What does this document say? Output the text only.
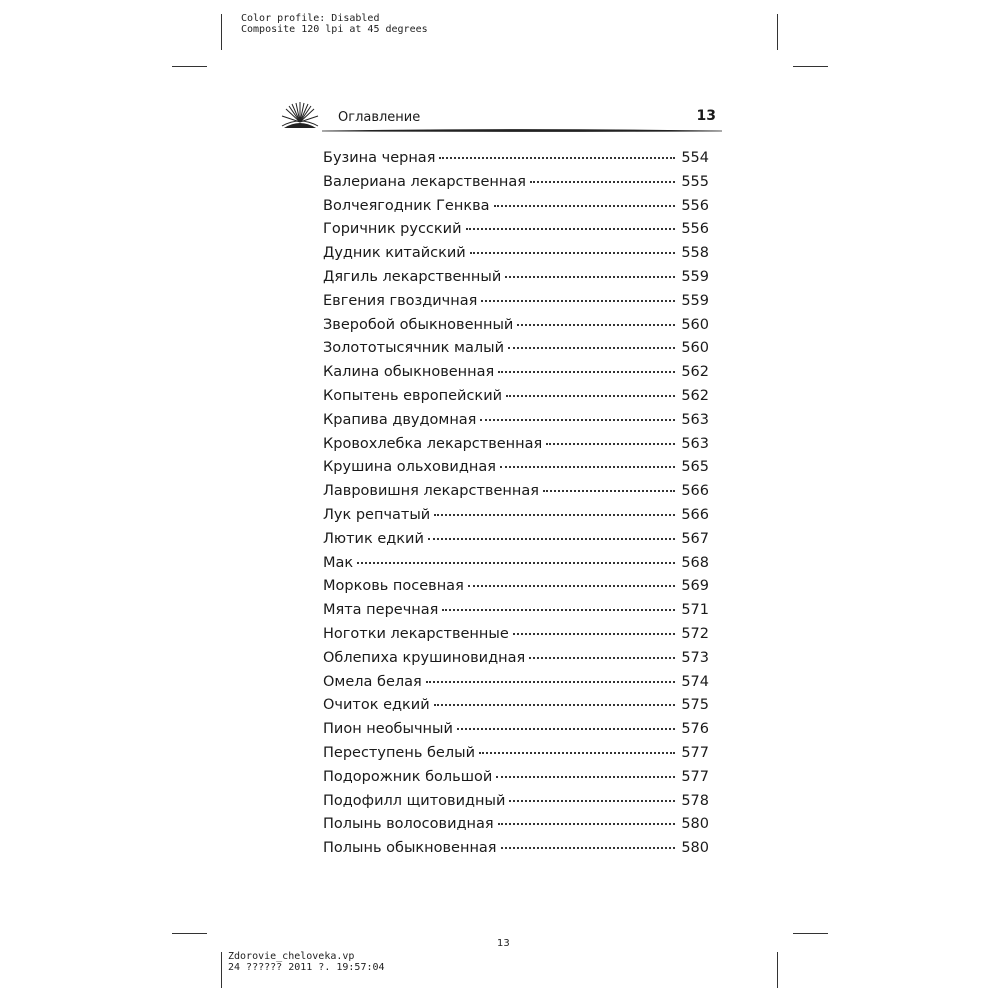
Color profile: Disabled
Composite 120 lpi at 45 degrees
Оглавление	13
Бузина черная	554
Валериана лекарственная	555
Волчеягодник Генква	556
Горичник русский	556
Дудник китайский	558
Дягиль лекарственный	559
Евгения гвоздичная	559
Зверобой обыкновенный	560
Золототысячник малый	560
Калина обыкновенная	562
Копытень европейский	562
Крапива двудомная	563
Кровохлебка лекарственная	563
Крушина ольховидная	565
Лавровишня лекарственная	566
Лук репчатый	566
Лютик едкий	567
Мак	568
Морковь посевная	569
Мята перечная	571
Ноготки лекарственные	572
Облепиха крушиновидная	573
Омела белая	574
Очиток едкий	575
Пион необычный	576
Переступень белый	577
Подорожник большой	577
Подофилл щитовидный	578
Полынь волосовидная	580
Полынь обыкновенная	580
13
Zdorovie_cheloveka.vp
24 ?????? 2011 ?. 19:57:04
